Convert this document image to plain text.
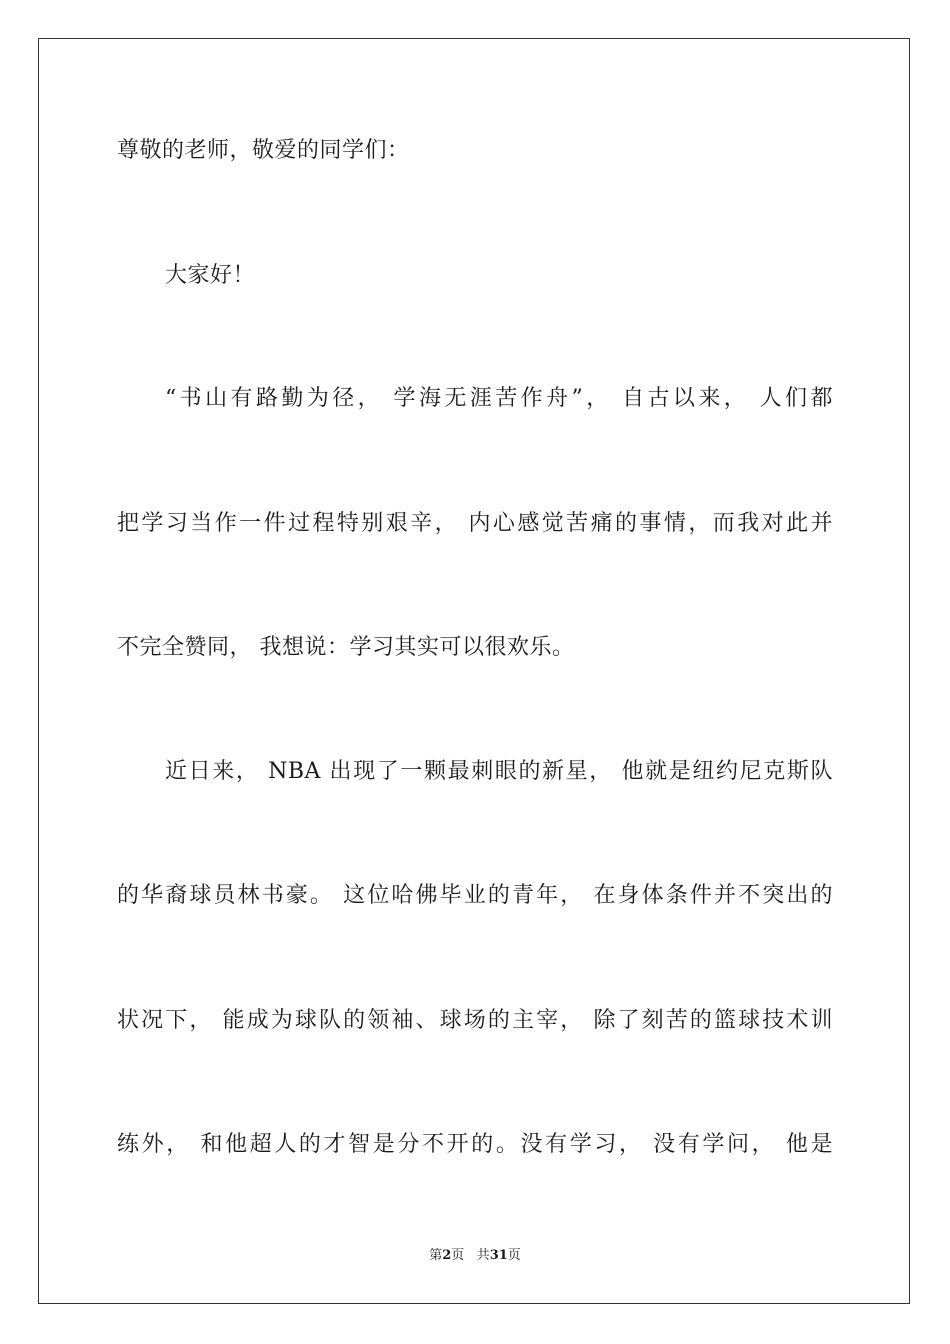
尊敬的老师，敬爱的同学们：
大家好！
“书山有路勤为径， 学海无涯苦作舟”， 自古以来， 人们都
把学习当作一件过程特别艰辛， 内心感觉苦痛的事情，而我对此并
不完全赞同， 我想说：学习其实可以很欢乐。
近日来， NBA 出现了一颗最刺眼的新星， 他就是纽约尼克斯队
的华裔球员林书豪。 这位哈佛毕业的青年， 在身体条件并不突出的
状况下， 能成为球队的领袖、球场的主宰， 除了刻苦的篮球技术训
练外， 和他超人的才智是分不开的。没有学习， 没有学问， 他是
第2页 共31页
